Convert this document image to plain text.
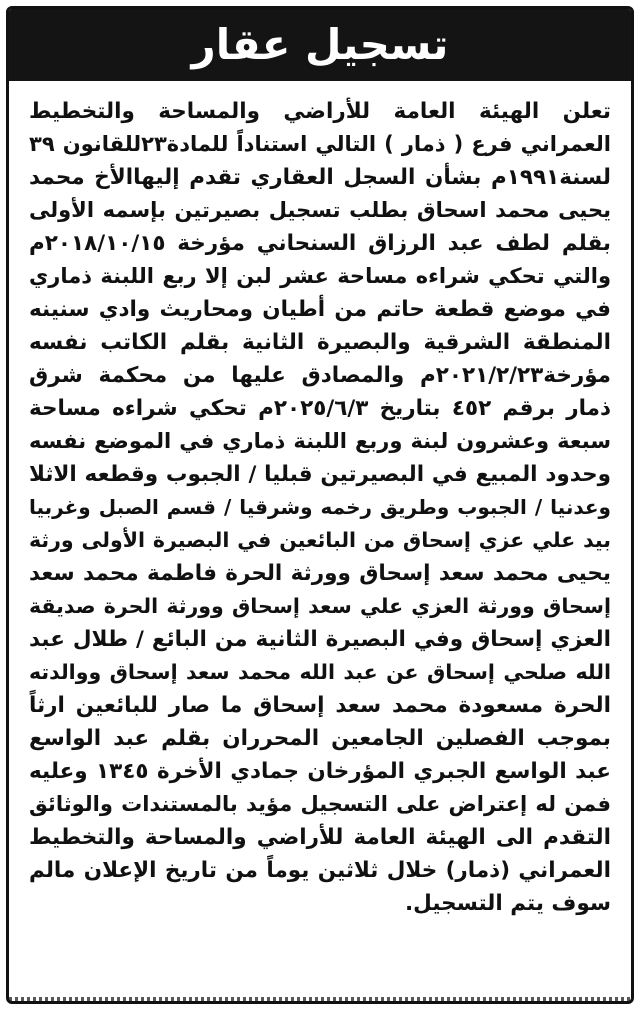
تسجيل عقار
تعلن الهيئة العامة للأراضي والمساحة والتخطيط
العمراني فرع ( ذمار ) التالي استناداً للمادة٢٣للقانون ٣٩
لسنة١٩٩١م بشأن السجل العقاري تقدم إليهاالأخ محمد
يحيى محمد اسحاق بطلب تسجيل بصيرتين بإسمه الأولى
بقلم لطف عبد الرزاق السنحاني مؤرخة ٢٠١٨/١٠/١٥م
والتي تحكي شراءه مساحة عشر لبن إلا ربع اللبنة ذماري
في موضع قطعة حاتم من أطيان ومحاريث وادي سنينه
المنطقة الشرقية والبصيرة الثانية بقلم الكاتب نفسه
مؤرخة٢٠٢١/٢/٢٣م والمصادق عليها من محكمة شرق
ذمار برقم ٤٥٢ بتاريخ ٢٠٢٥/٦/٣م تحكي شراءه مساحة
سبعة وعشرون لبنة وربع اللبنة ذماري في الموضع نفسه
وحدود المبيع في البصيرتين قبليا / الجبوب وقطعه الاثلا
وعدنيا / الجبوب وطريق رخمه وشرقيا / قسم الصبل وغربيا
بيد علي عزي إسحاق من البائعين في البصيرة الأولى ورثة
يحيى محمد سعد إسحاق وورثة الحرة فاطمة محمد سعد
إسحاق وورثة العزي علي سعد إسحاق وورثة الحرة صديقة
العزي إسحاق وفي البصيرة الثانية من البائع / طلال عبد
الله صلحي إسحاق عن عبد الله محمد سعد إسحاق ووالدته
الحرة مسعودة محمد سعد إسحاق ما صار للبائعين ارثاً
بموجب الفصلين الجامعين المحرران بقلم عبد الواسع
عبد الواسع الجبري المؤرخان جمادي الأخرة ١٣٤٥ وعليه
فمن له إعتراض على التسجيل مؤيد بالمستندات والوثائق
التقدم الى الهيئة العامة للأراضي والمساحة والتخطيط
العمراني (ذمار) خلال ثلاثين يوماً من تاريخ الإعلان مالم
سوف يتم التسجيل.
